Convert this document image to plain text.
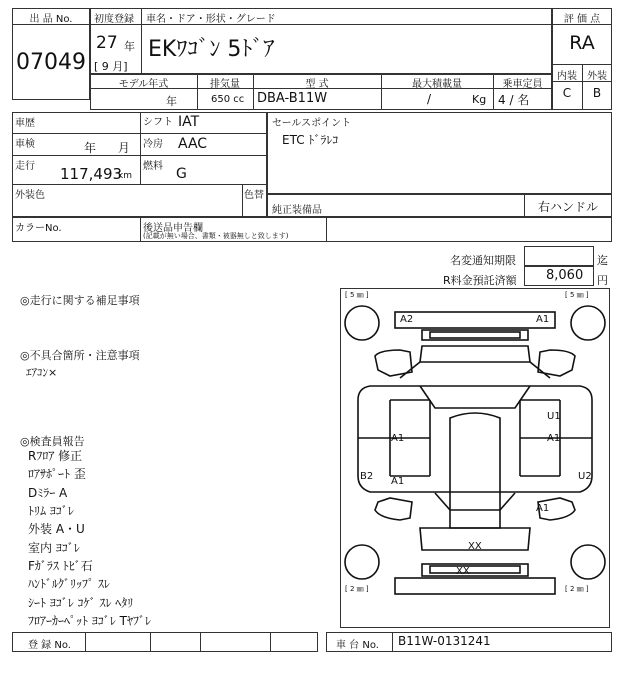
出 品 No.
07049
初度登録 車名・ドア・形状・グレード
27 年
[ 9 月]
EKﾜｺﾞﾝ 5ﾄﾞｱ
モデル年式	排気量	型 式	最大積載量	乗車定員
年	650 cc DBA-B11W	/	Kg 4 / 名
評 価 点
RA
内装	外装
C	B
車歴	シフト IAT
車検	年 月 冷房 AAC
走行 117,493
km
燃料 G
外装色	色替
セールスポイント
ETC ﾄﾞﾗﾚｺ
純正装備品	右ハンドル
カラーNo.	後送品申告欄
(記載が無い場合、書類・被器無しと致します)
名変通知期限	迄
R料金預託済額 8,060 円
◎走行に関する補足事項
◎不具合箇所・注意事項
ｴｱｺﾝ×
◎検査員報告
Rﾌﾛｱ 修正
ﾛｱｻﾎﾟｰﾄ 歪
Dﾐﾗｰ A
ﾄﾘﾑ ﾖｺﾞﾚ
外装 A・U
室内 ﾖｺﾞﾚ
Fｶﾞﾗｽ ﾄﾋﾞ石
ﾊﾝﾄﾞﾙｸﾞﾘｯﾌﾟ ｽﾚ
ｼｰﾄ ﾖｺﾞﾚ ｺｹﾞ ｽﾚ ﾍﾀﾘ
ﾌﾛｱｰｶｰﾍﾟｯﾄ ﾖｺﾞﾚ Tﾔﾌﾞﾚ
[ 5 ㎜ ]	[ 5 ㎜ ]
[ 2 ㎜ ]	[ 2 ㎜ ]
A2	A1
U1
A1	A1
B2 A1	U2
A1
XX
XX
登 録 No.	車 台 No. B11W-0131241
